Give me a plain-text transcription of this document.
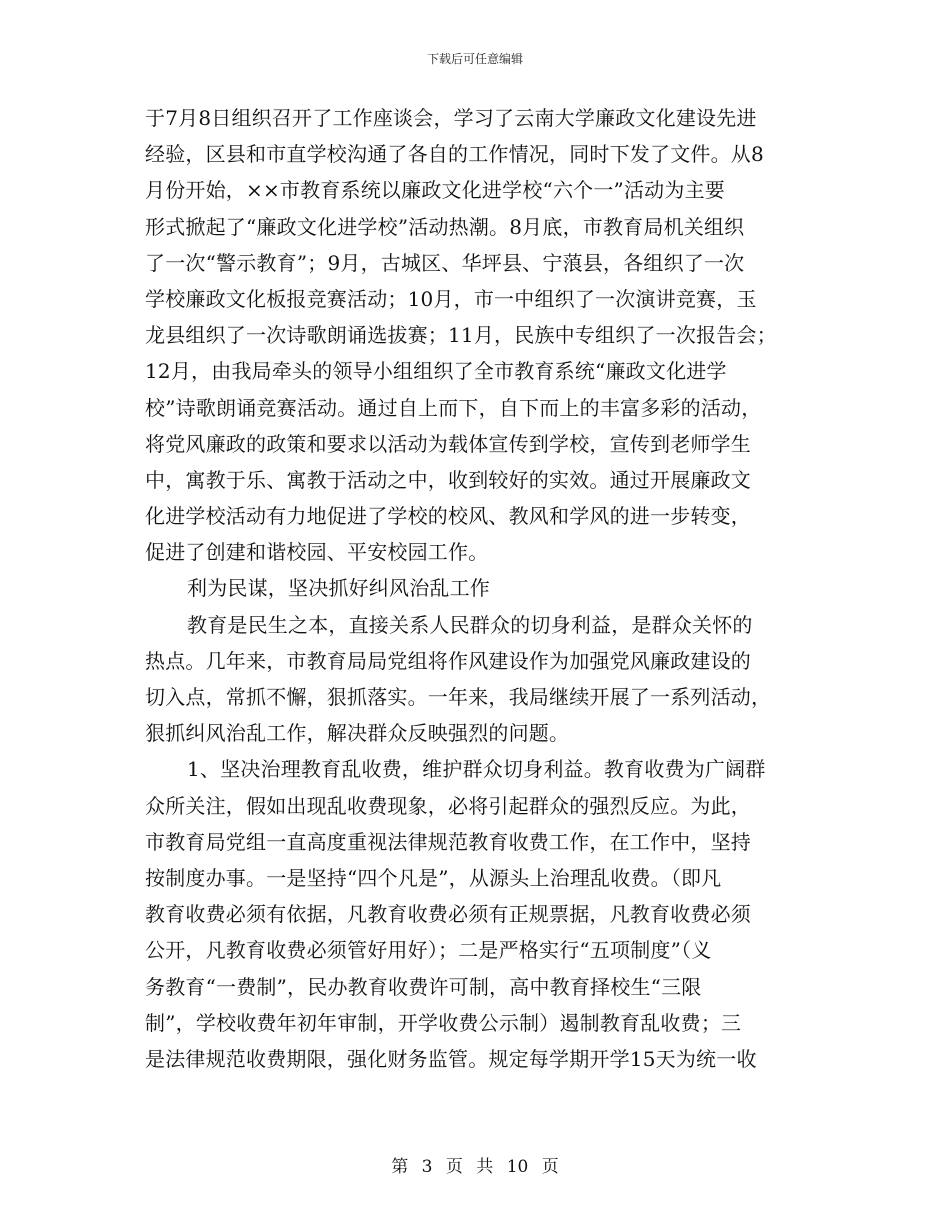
下载后可任意编辑
于7月8日组织召开了工作座谈会，学习了云南大学廉政文化建设先进
经验，区县和市直学校沟通了各自的工作情况，同时下发了文件。从8
月份开始，××市教育系统以廉政文化进学校“六个一”活动为主要
形式掀起了“廉政文化进学校”活动热潮。8月底，市教育局机关组织
了一次“警示教育”；9月，古城区、华坪县、宁蒗县，各组织了一次
学校廉政文化板报竞赛活动；10月，市一中组织了一次演讲竞赛，玉
龙县组织了一次诗歌朗诵选拔赛；11月，民族中专组织了一次报告会；
12月，由我局牵头的领导小组组织了全市教育系统“廉政文化进学
校”诗歌朗诵竞赛活动。通过自上而下，自下而上的丰富多彩的活动，
将党风廉政的政策和要求以活动为载体宣传到学校，宣传到老师学生
中，寓教于乐、寓教于活动之中，收到较好的实效。通过开展廉政文
化进学校活动有力地促进了学校的校风、教风和学风的进一步转变，
促进了创建和谐校园、平安校园工作。
利为民谋，坚决抓好纠风治乱工作
教育是民生之本，直接关系人民群众的切身利益，是群众关怀的
热点。几年来，市教育局局党组将作风建设作为加强党风廉政建设的
切入点，常抓不懈，狠抓落实。一年来，我局继续开展了一系列活动，
狠抓纠风治乱工作，解决群众反映强烈的问题。
1、坚决治理教育乱收费，维护群众切身利益。教育收费为广阔群
众所关注，假如出现乱收费现象，必将引起群众的强烈反应。为此，
市教育局党组一直高度重视法律规范教育收费工作，在工作中，坚持
按制度办事。一是坚持“四个凡是”，从源头上治理乱收费。（即凡
教育收费必须有依据，凡教育收费必须有正规票据，凡教育收费必须
公开，凡教育收费必须管好用好）；二是严格实行“五项制度”（义
务教育“一费制”，民办教育收费许可制，高中教育择校生“三限
制”，学校收费年初年审制，开学收费公示制）遏制教育乱收费；三
是法律规范收费期限，强化财务监管。规定每学期开学15天为统一收
第 3 页 共 10 页
